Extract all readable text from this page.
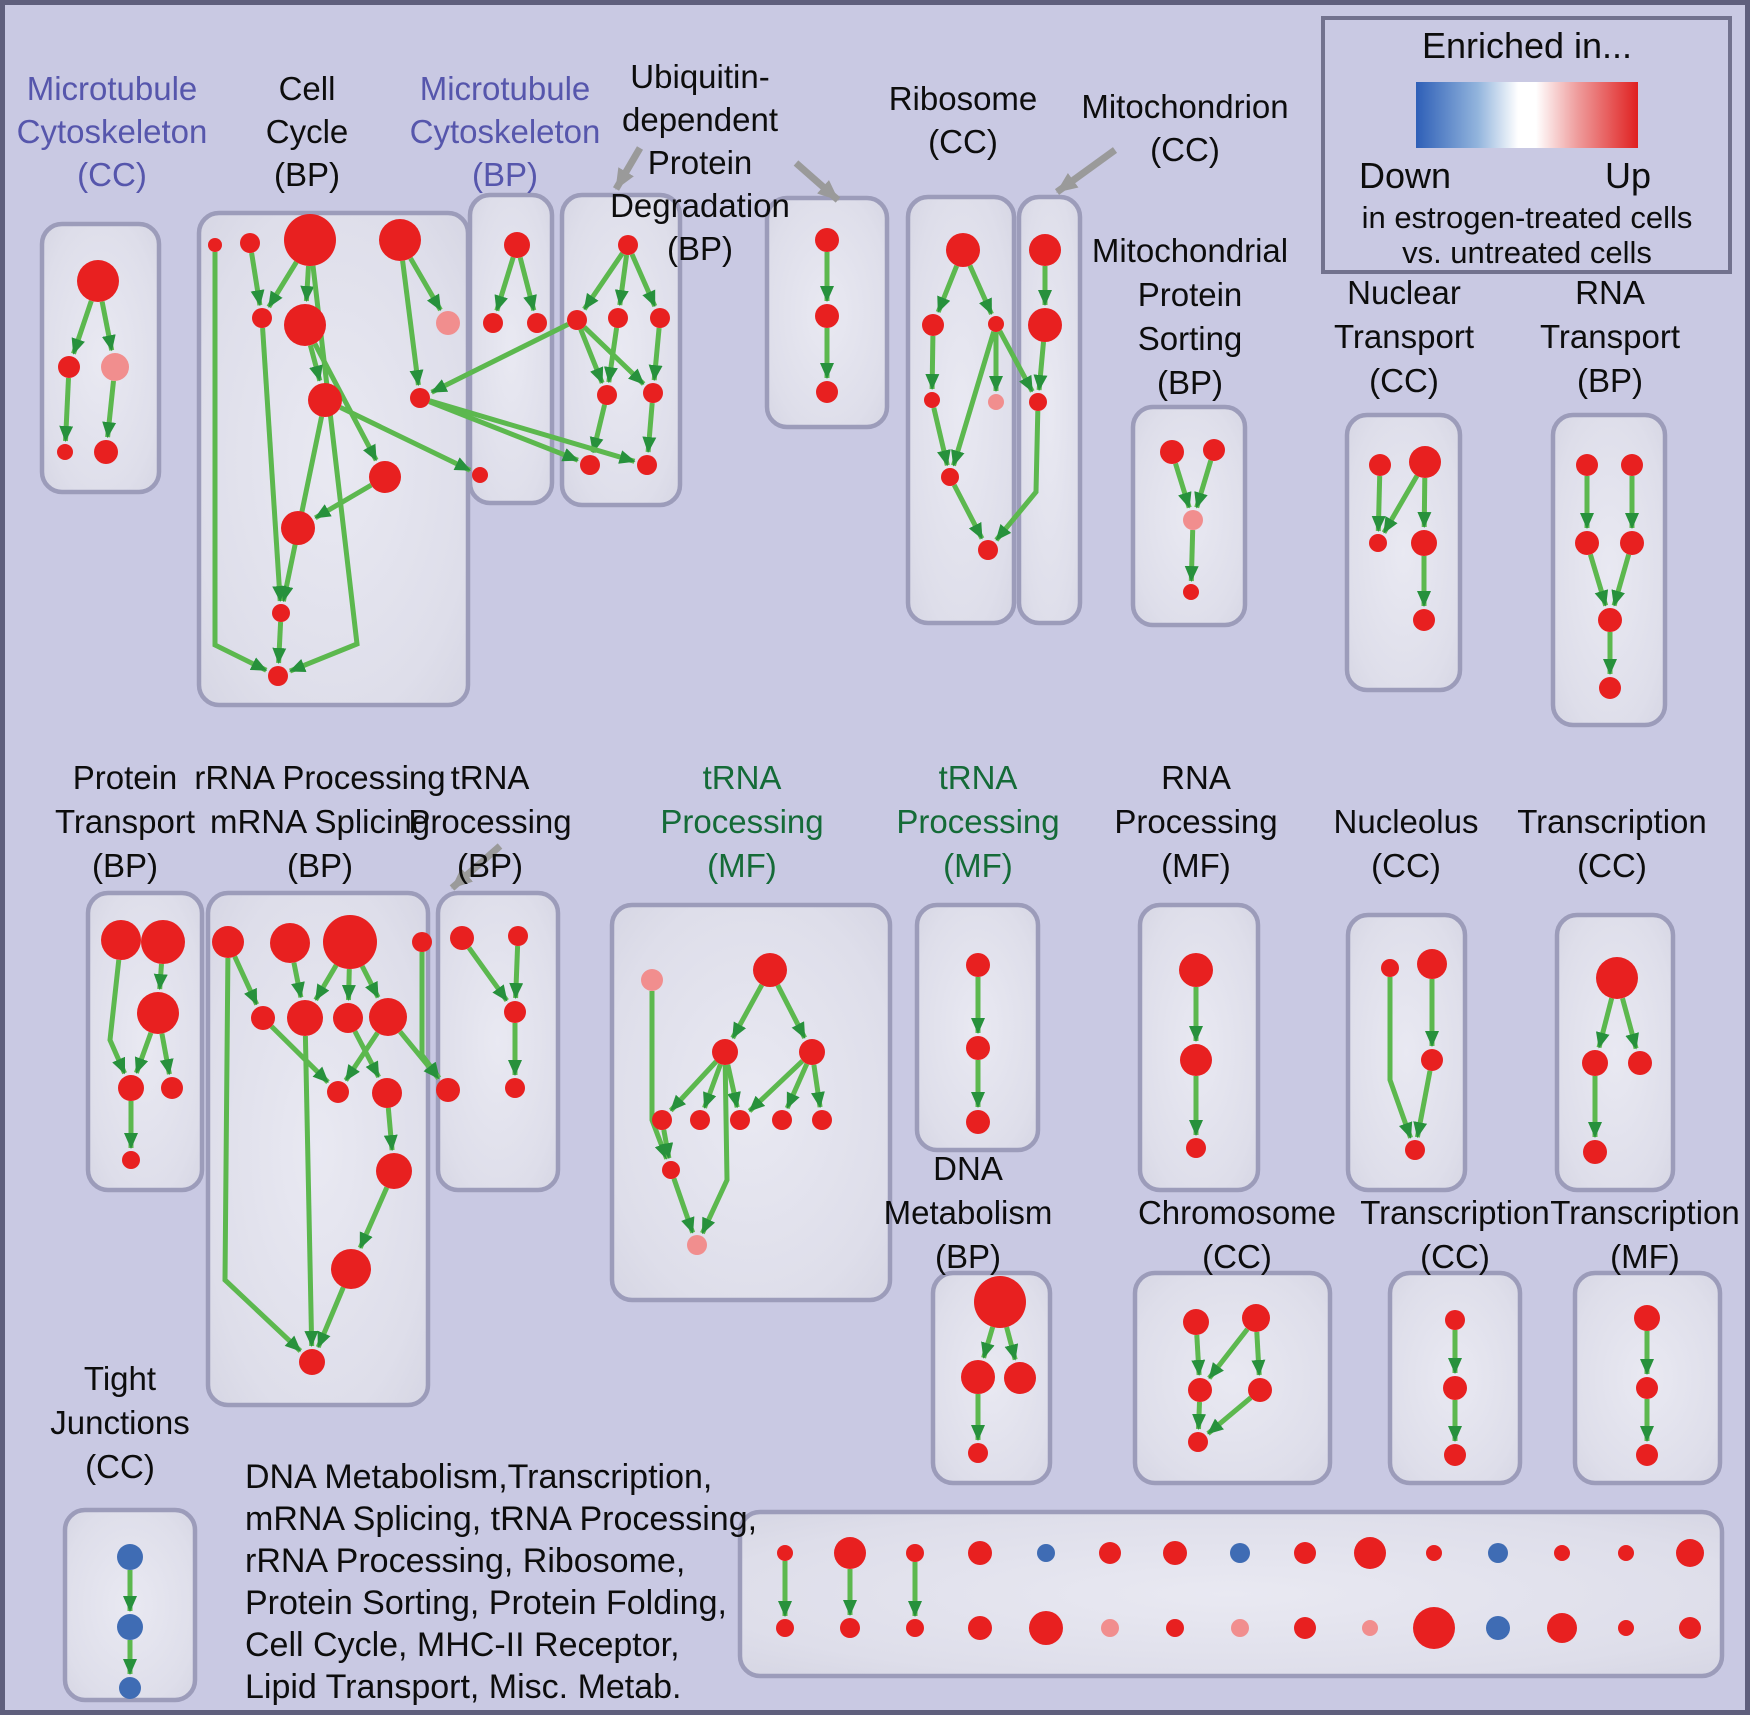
Microtubule
Cytoskeleton
(CC)
Cell
Cycle
(BP)
Microtubule
Cytoskeleton
(BP)
Ubiquitin-
dependent
Protein
Degradation
(BP)
Ribosome
(CC)
Mitochondrion
(CC)
Mitochondrial
Protein
Sorting
(BP)
Nuclear
Transport
(CC)
RNA
Transport
(BP)
Protein
Transport
(BP)
rRNA Processing
mRNA Splicing
(BP)
tRNA
Processing
(BP)
tRNA
Processing
(MF)
tRNA
Processing
(MF)
RNA
Processing
(MF)
Nucleolus
(CC)
Transcription
(CC)
DNA
Metabolism
(BP)
Chromosome
(CC)
Transcription
(CC)
Transcription
(MF)
Tight
Junctions
(CC)	DNA Metabolism,Transcription,
mRNA Splicing, tRNA Processing,
rRNA Processing, Ribosome,
Protein Sorting, Protein Folding,
Cell Cycle, MHC-II Receptor,
Lipid Transport, Misc. Metab.
Enriched in...
Down	Up
in estrogen-treated cells
vs. untreated cells
